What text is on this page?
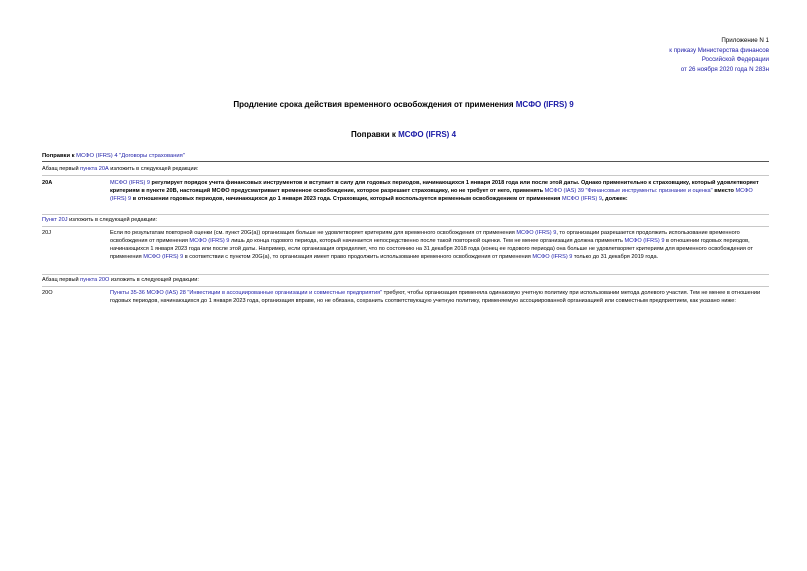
Приложение N 1
к приказу Министерства финансов
Российской Федерации
от 26 ноября 2020 года N 283н
Продление срока действия временного освобождения от применения МСФО (IFRS) 9
Поправки к МСФО (IFRS) 4
Поправки к МСФО (IFRS) 4 "Договоры страхования"
Абзац первый пункта 20А изложить в следующей редакции:
20А	МСФО (IFRS) 9 регулирует порядок учета финансовых инструментов и вступает в силу для годовых периодов, начинающихся 1 января 2018 года или после этой даты. Однако применительно к страховщику, который удовлетворяет критериям в пункте 20В, настоящий МСФО предусматривает временное освобождение, которое разрешает страховщику, но не требует от него, применять МСФО (IAS) 39 "Финансовые инструменты: признание и оценка" вместо МСФО (IFRS) 9 в отношении годовых периодов, начинающихся до 1 января 2023 года. Страховщик, который воспользуется временным освобождением от применения МСФО (IFRS) 9, должен:
Пункт 20J изложить в следующей редакции:
20J	Если по результатам повторной оценки (см. пункт 20G(a)) организация больше не удовлетворяет критериям для временного освобождения от применения МСФО (IFRS) 9, то организации разрешается продолжить использование временного освобождения от применения МСФО (IFRS) 9 лишь до конца годового периода, который начинается непосредственно после такой повторной оценки. Тем не менее организация должна применять МСФО (IFRS) 9 в отношении годовых периодов, начинающихся 1 января 2023 года или после этой даты. Например, если организация определяет, что по состоянию на 31 декабря 2018 года (конец ее годового периода) она больше не удовлетворяет критериям для временного освобождения от применения МСФО (IFRS) 9 в соответствии с пунктом 20G(a), то организация имеет право продолжить использование временного освобождения от применения МСФО (IFRS) 9 только до 31 декабря 2019 года.
Абзац первый пункта 20O изложить в следующей редакции:
20O	Пункты 35-36 МСФО (IAS) 28 "Инвестиции в ассоциированные организации и совместные предприятия" требуют, чтобы организация применяла одинаковую учетную политику при использовании метода долевого участия. Тем не менее в отношении годовых периодов, начинающихся до 1 января 2023 года, организация вправе, но не обязана, сохранить соответствующую учетную политику, применяемую ассоциированной организацией или совместным предприятием, как указано ниже:
